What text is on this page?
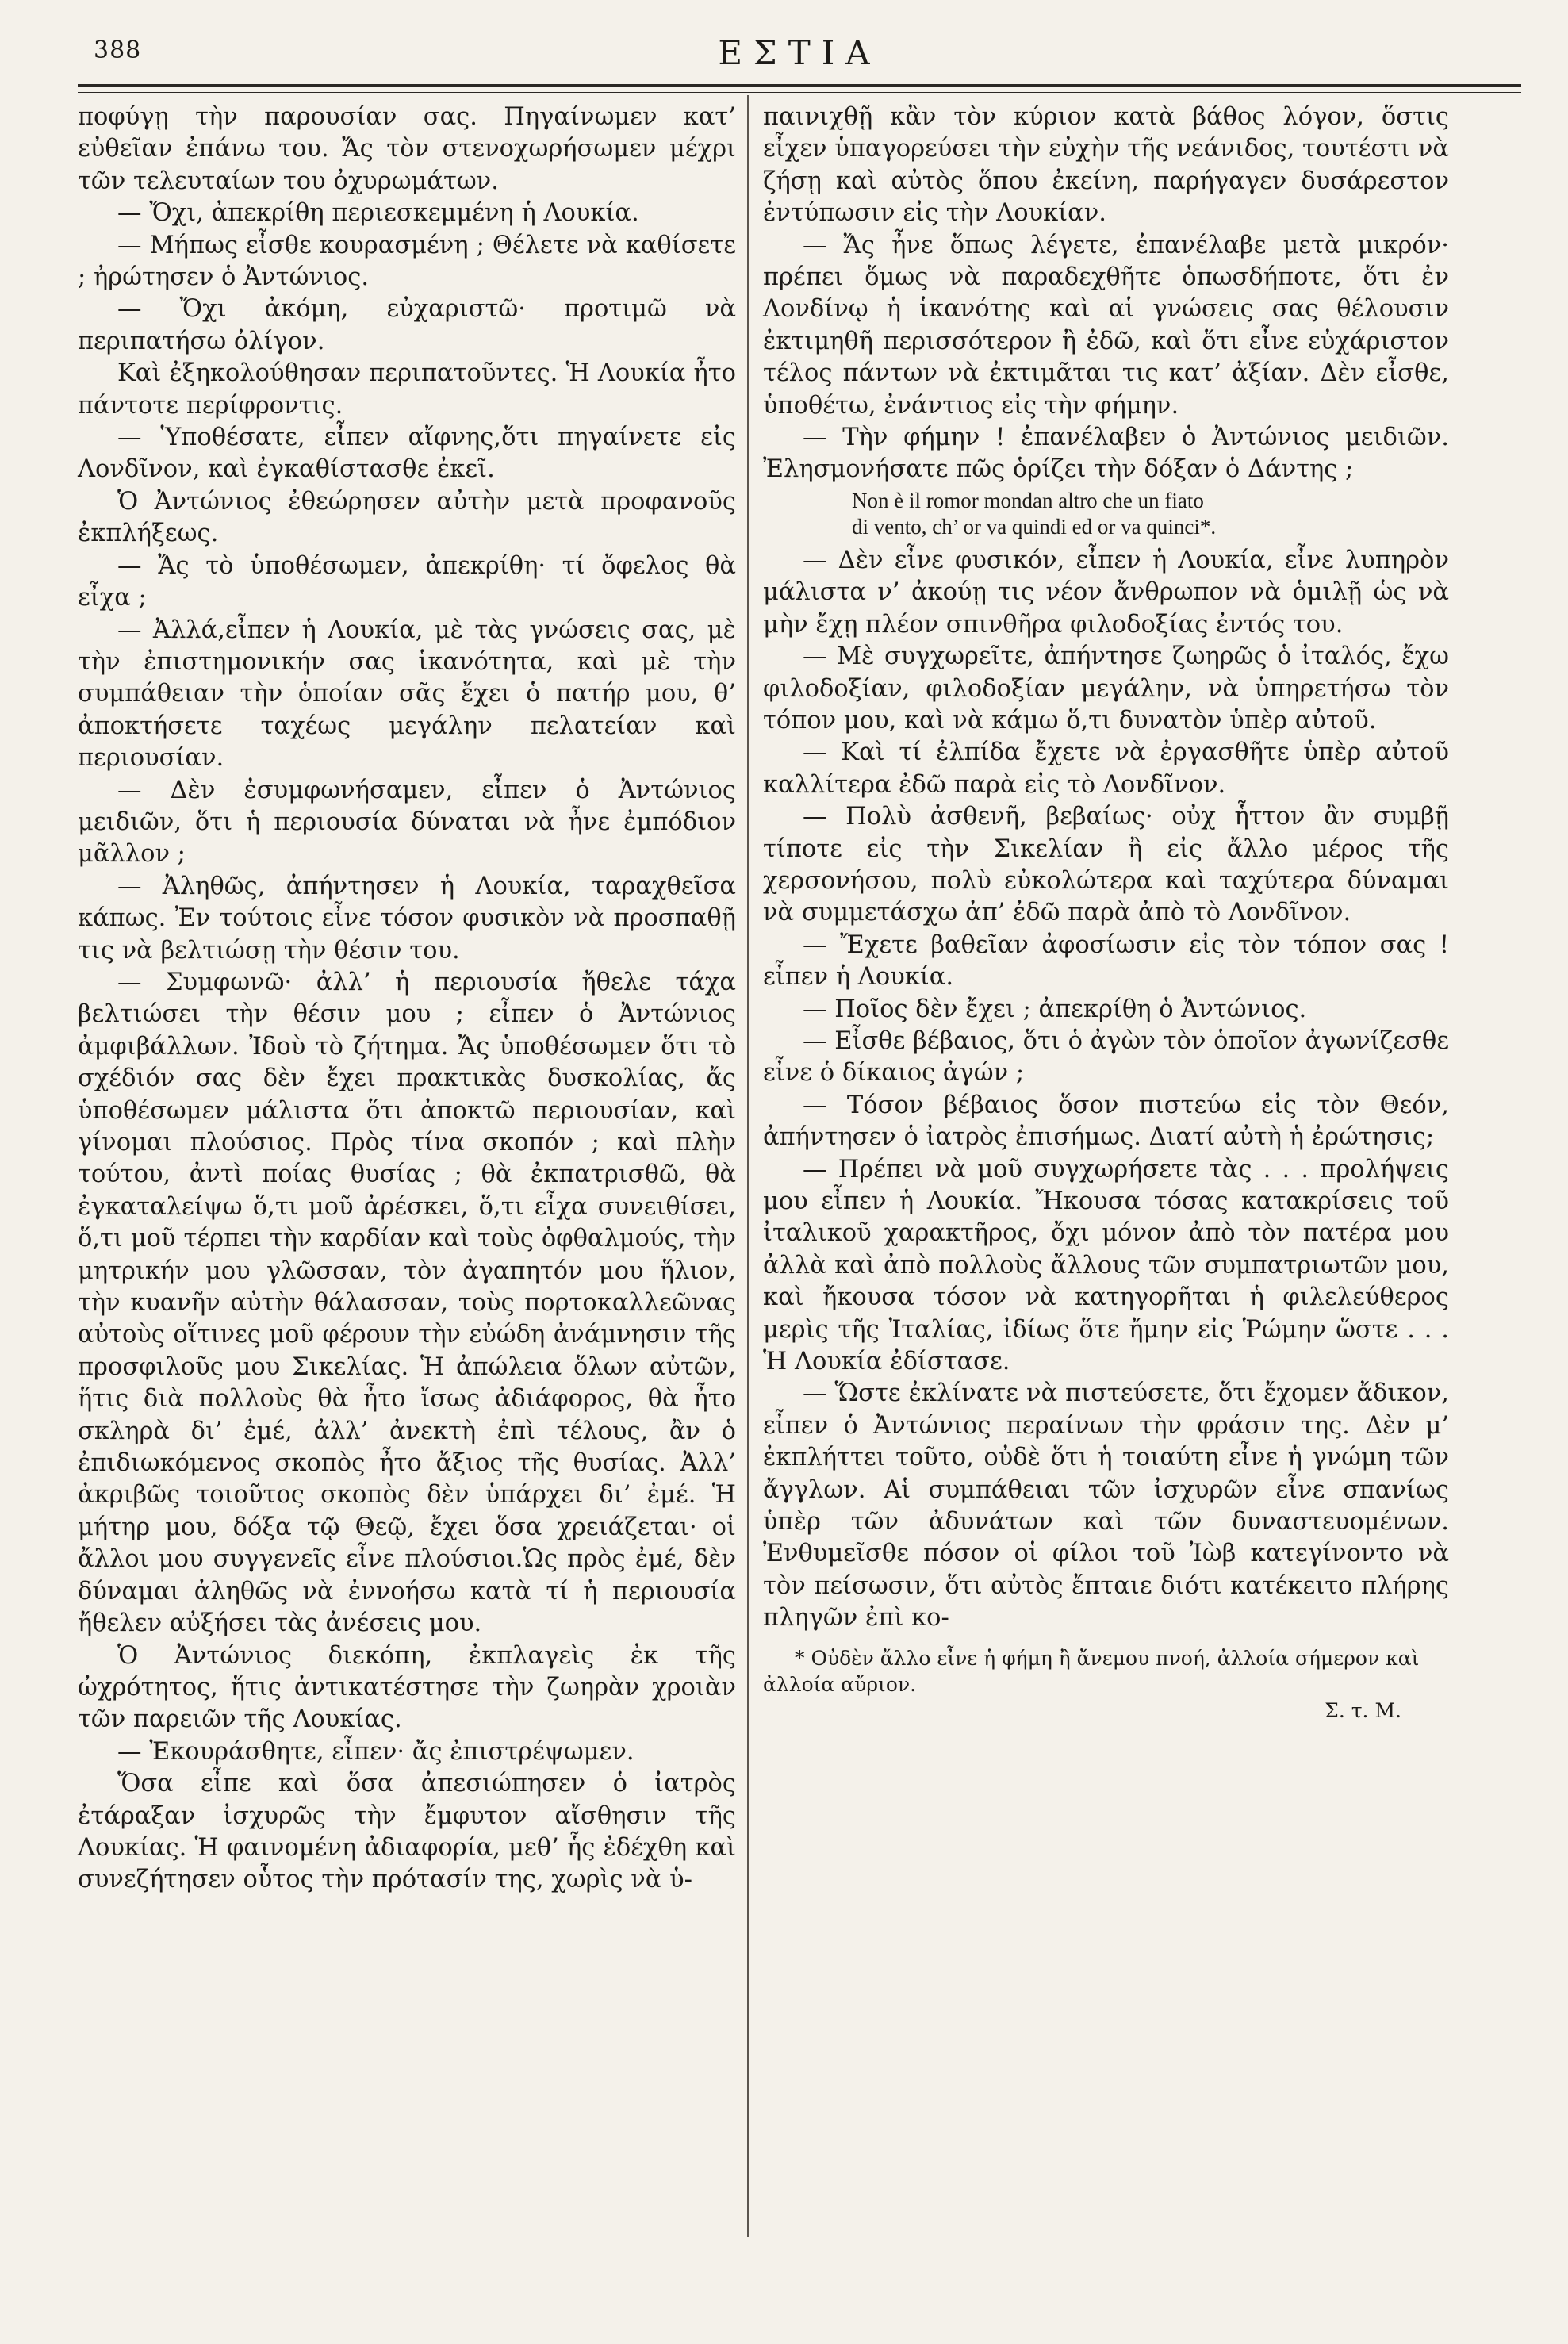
388	ΕΣΤΙΑ

ποφύγῃ τὴν παρουσίαν σας. Πηγαίνωμεν κατ’ εὐθεῖαν ἐπάνω του. Ἄς τὸν στενοχωρήσωμεν μέχρι τῶν τελευταίων του ὀχυρωμάτων.

— Ὄχι, ἀπεκρίθη περιεσκεμμένη ἡ Λουκία.

— Μήπως εἶσθε κουρασμένη ; Θέλετε νὰ καθίσετε ; ἠρώτησεν ὁ Ἀντώνιος.

— Ὄχι ἀκόμη, εὐχαριστῶ· προτιμῶ νὰ περιπατήσω ὀλίγον.

Καὶ ἐξηκολούθησαν περιπατοῦντες. Ἡ Λουκία ἦτο πάντοτε περίφροντις.

— Ὑποθέσατε, εἶπεν αἴφνης,ὅτι πηγαίνετε εἰς Λονδῖνον, καὶ ἐγκαθίστασθε ἐκεῖ.

Ὁ Ἀντώνιος ἐθεώρησεν αὐτὴν μετὰ προφανοῦς ἐκπλήξεως.

— Ἄς τὸ ὑποθέσωμεν, ἀπεκρίθη· τί ὄφελος θὰ εἶχα ;

— Ἀλλά,εἶπεν ἡ Λουκία, μὲ τὰς γνώσεις σας, μὲ τὴν ἐπιστημονικήν σας ἱκανότητα, καὶ μὲ τὴν συμπάθειαν τὴν ὁποίαν σᾶς ἔχει ὁ πατήρ μου, θ’ ἀποκτήσετε ταχέως μεγάλην πελατείαν καὶ περιουσίαν.

— Δὲν ἐσυμφωνήσαμεν, εἶπεν ὁ Ἀντώνιος μειδιῶν, ὅτι ἡ περιουσία δύναται νὰ ἦνε ἐμπόδιον μᾶλλον ;

— Ἀληθῶς, ἀπήντησεν ἡ Λουκία, ταραχθεῖσα κάπως. Ἐν τούτοις εἶνε τόσον φυσικὸν νὰ προσπαθῇ τις νὰ βελτιώσῃ τὴν θέσιν του.

— Συμφωνῶ· ἀλλ’ ἡ περιουσία ἤθελε τάχα βελτιώσει τὴν θέσιν μου ; εἶπεν ὁ Ἀντώνιος ἀμφιβάλλων. Ἰδοὺ τὸ ζήτημα. Ἄς ὑποθέσωμεν ὅτι τὸ σχέδιόν σας δὲν ἔχει πρακτικὰς δυσκολίας, ἄς ὑποθέσωμεν μάλιστα ὅτι ἀποκτῶ περιουσίαν, καὶ γίνομαι πλούσιος. Πρὸς τίνα σκοπόν ; καὶ πλὴν τούτου, ἀντὶ ποίας θυσίας ; θὰ ἐκπατρισθῶ, θὰ ἐγκαταλείψω ὅ,τι μοῦ ἀρέσκει, ὅ,τι εἶχα συνειθίσει, ὅ,τι μοῦ τέρπει τὴν καρδίαν καὶ τοὺς ὀφθαλμούς, τὴν μητρικήν μου γλῶσσαν, τὸν ἀγαπητόν μου ἥλιον, τὴν κυανῆν αὐτὴν θάλασσαν, τοὺς πορτοκαλλεῶνας αὐτοὺς οἵτινες μοῦ φέρουν τὴν εὐώδη ἀνάμνησιν τῆς προσφιλοῦς μου Σικελίας. Ἡ ἀπώλεια ὅλων αὐτῶν, ἥτις διὰ πολλοὺς θὰ ἦτο ἴσως ἀδιάφορος, θὰ ἦτο σκληρὰ δι’ ἐμέ, ἀλλ’ ἀνεκτὴ ἐπὶ τέλους, ἂν ὁ ἐπιδιωκόμενος σκοπὸς ἦτο ἄξιος τῆς θυσίας. Ἀλλ’ ἀκριβῶς τοιοῦτος σκοπὸς δὲν ὑπάρχει δι’ ἐμέ. Ἡ μήτηρ μου, δόξα τῷ Θεῷ, ἔχει ὅσα χρειάζεται· οἱ ἄλλοι μου συγγενεῖς εἶνε πλούσιοι.Ὡς πρὸς ἐμέ, δὲν δύναμαι ἀληθῶς νὰ ἐννοήσω κατὰ τί ἡ περιουσία ἤθελεν αὐξήσει τὰς ἀνέσεις μου.

Ὁ Ἀντώνιος διεκόπη, ἐκπλαγεὶς ἐκ τῆς ὠχρότητος, ἥτις ἀντικατέστησε τὴν ζωηρὰν χροιὰν τῶν παρειῶν τῆς Λουκίας.

— Ἐκουράσθητε, εἶπεν· ἄς ἐπιστρέψωμεν.

Ὅσα εἶπε καὶ ὅσα ἀπεσιώπησεν ὁ ἰατρὸς ἐτάραξαν ἰσχυρῶς τὴν ἔμφυτον αἴσθησιν τῆς Λουκίας. Ἡ φαινομένη ἀδιαφορία, μεθ’ ἧς ἐδέχθη καὶ συνεζήτησεν οὗτος τὴν πρότασίν της, χωρὶς νὰ ὑ-

παινιχθῇ κἂν τὸν κύριον κατὰ βάθος λόγον, ὅστις εἶχεν ὑπαγορεύσει τὴν εὐχὴν τῆς νεάνιδος, τουτέστι νὰ ζήσῃ καὶ αὐτὸς ὅπου ἐκείνη, παρήγαγεν δυσάρεστον ἐντύπωσιν εἰς τὴν Λουκίαν.

— Ἄς ἦνε ὅπως λέγετε, ἐπανέλαβε μετὰ μικρόν· πρέπει ὅμως νὰ παραδεχθῆτε ὁπωσδήποτε, ὅτι ἐν Λονδίνῳ ἡ ἱκανότης καὶ αἱ γνώσεις σας θέλουσιν ἐκτιμηθῆ περισσότερον ἢ ἐδῶ, καὶ ὅτι εἶνε εὐχάριστον τέλος πάντων νὰ ἐκτιμᾶται τις κατ’ ἀξίαν. Δὲν εἶσθε, ὑποθέτω, ἐνάντιος εἰς τὴν φήμην.

— Τὴν φήμην ! ἐπανέλαβεν ὁ Ἀντώνιος μειδιῶν. Ἐλησμονήσατε πῶς ὁρίζει τὴν δόξαν ὁ Δάντης ;

Non è il romor mondan altro che un fiato
di vento, ch’ or va quindi ed or va quinci*.

— Δὲν εἶνε φυσικόν, εἶπεν ἡ Λουκία, εἶνε λυπηρὸν μάλιστα ν’ ἀκούῃ τις νέον ἄνθρωπον νὰ ὁμιλῇ ὡς νὰ μὴν ἔχῃ πλέον σπινθῆρα φιλοδοξίας ἐντός του.

— Μὲ συγχωρεῖτε, ἀπήντησε ζωηρῶς ὁ ἰταλός, ἔχω φιλοδοξίαν, φιλοδοξίαν μεγάλην, νὰ ὑπηρετήσω τὸν τόπον μου, καὶ νὰ κάμω ὅ,τι δυνατὸν ὑπὲρ αὐτοῦ.

— Καὶ τί ἐλπίδα ἔχετε νὰ ἐργασθῆτε ὑπὲρ αὐτοῦ καλλίτερα ἐδῶ παρὰ εἰς τὸ Λονδῖνον.

— Πολὺ ἀσθενῆ, βεβαίως· οὐχ ἧττον ἂν συμβῇ τίποτε εἰς τὴν Σικελίαν ἢ εἰς ἄλλο μέρος τῆς χερσονήσου, πολὺ εὐκολώτερα καὶ ταχύτερα δύναμαι νὰ συμμετάσχω ἀπ’ ἐδῶ παρὰ ἀπὸ τὸ Λονδῖνον.

— Ἔχετε βαθεῖαν ἀφοσίωσιν εἰς τὸν τόπον σας ! εἶπεν ἡ Λουκία.

— Ποῖος δὲν ἔχει ; ἀπεκρίθη ὁ Ἀντώνιος.

— Εἶσθε βέβαιος, ὅτι ὁ ἀγὼν τὸν ὁποῖον ἀγωνίζεσθε εἶνε ὁ δίκαιος ἀγών ;

— Τόσον βέβαιος ὅσον πιστεύω εἰς τὸν Θεόν, ἀπήντησεν ὁ ἰατρὸς ἐπισήμως. Διατί αὐτὴ ἡ ἐρώτησις;

— Πρέπει νὰ μοῦ συγχωρήσετε τὰς . . . προλήψεις μου εἶπεν ἡ Λουκία. Ἤκουσα τόσας κατακρίσεις τοῦ ἰταλικοῦ χαρακτῆρος, ὄχι μόνον ἀπὸ τὸν πατέρα μου ἀλλὰ καὶ ἀπὸ πολλοὺς ἄλλους τῶν συμπατριωτῶν μου, καὶ ἤκουσα τόσον νὰ κατηγορῆται ἡ φιλελεύθερος μερὶς τῆς Ἰταλίας, ἰδίως ὅτε ἤμην εἰς Ῥώμην ὥστε . . . Ἡ Λουκία ἐδίστασε.

— Ὥστε ἐκλίνατε νὰ πιστεύσετε, ὅτι ἔχομεν ἄδικον, εἶπεν ὁ Ἀντώνιος περαίνων τὴν φράσιν της. Δὲν μ’ ἐκπλήττει τοῦτο, οὐδὲ ὅτι ἡ τοιαύτη εἶνε ἡ γνώμη τῶν ἄγγλων. Αἱ συμπάθειαι τῶν ἰσχυρῶν εἶνε σπανίως ὑπὲρ τῶν ἀδυνάτων καὶ τῶν δυναστευομένων. Ἐνθυμεῖσθε πόσον οἱ φίλοι τοῦ Ἰὼβ κατεγίνοντο νὰ τὸν πείσωσιν, ὅτι αὐτὸς ἔπταιε διότι κατέκειτο πλήρης πληγῶν ἐπὶ κο-

* Οὐδὲν ἄλλο εἶνε ἡ φήμη ἢ ἄνεμου πνοή, ἀλλοία σήμερον καὶ ἀλλοία αὔριον.

Σ. τ. Μ.
